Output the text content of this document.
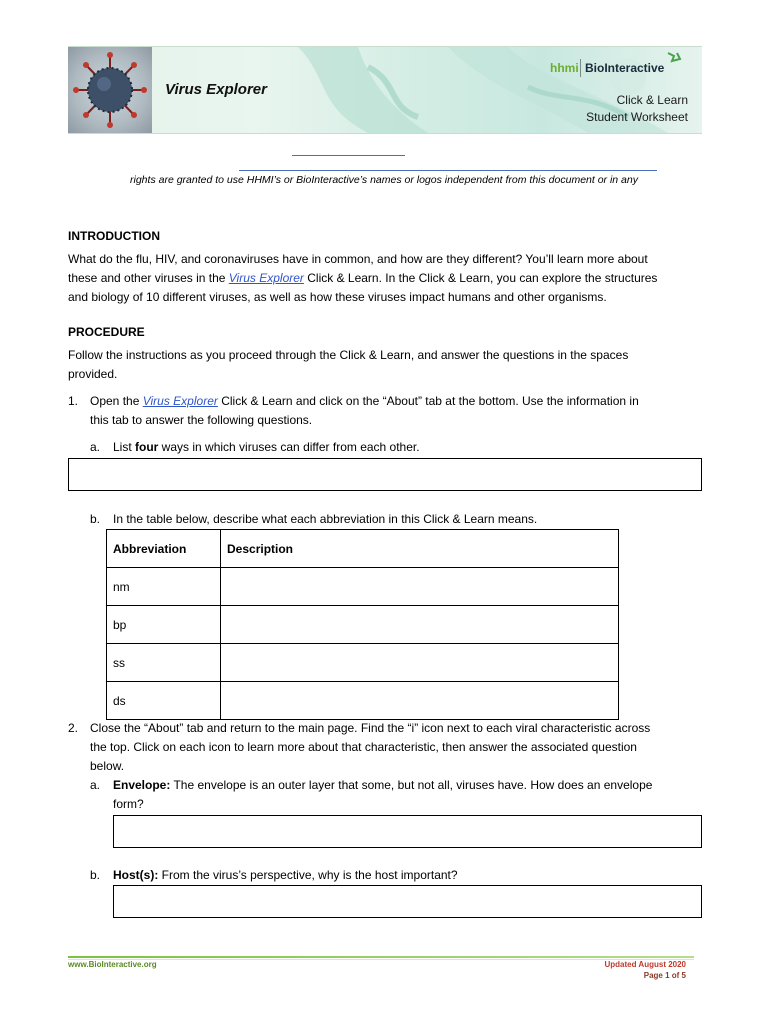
Virus Explorer
hhmi BioInteractive
Click & Learn
Student Worksheet
rights are granted to use HHMI’s or BioInteractive’s names or logos independent from this document or in any
INTRODUCTION
What do the flu, HIV, and coronaviruses have in common, and how are they different? You’ll learn more about
these and other viruses in the Virus Explorer Click & Learn. In the Click & Learn, you can explore the structures
and biology of 10 different viruses, as well as how these viruses impact humans and other organisms.
PROCEDURE
Follow the instructions as you proceed through the Click & Learn, and answer the questions in the spaces
provided.
1. Open the Virus Explorer Click & Learn and click on the “About” tab at the bottom. Use the information in
this tab to answer the following questions.
a.	List four ways in which viruses can differ from each other.
b.	In the table below, describe what each abbreviation in this Click & Learn means.
Abbreviation	Description
nm	
bp	
ss	
ds	
2. Close the “About” tab and return to the main page. Find the “i” icon next to each viral characteristic across
the top. Click on each icon to learn more about that characteristic, then answer the associated question
below.
a.	Envelope: The envelope is an outer layer that some, but not all, viruses have. How does an envelope
form?
b.	Host(s): From the virus’s perspective, why is the host important?
www.BioInteractive.org	Updated August 2020
Page 1 of 5
